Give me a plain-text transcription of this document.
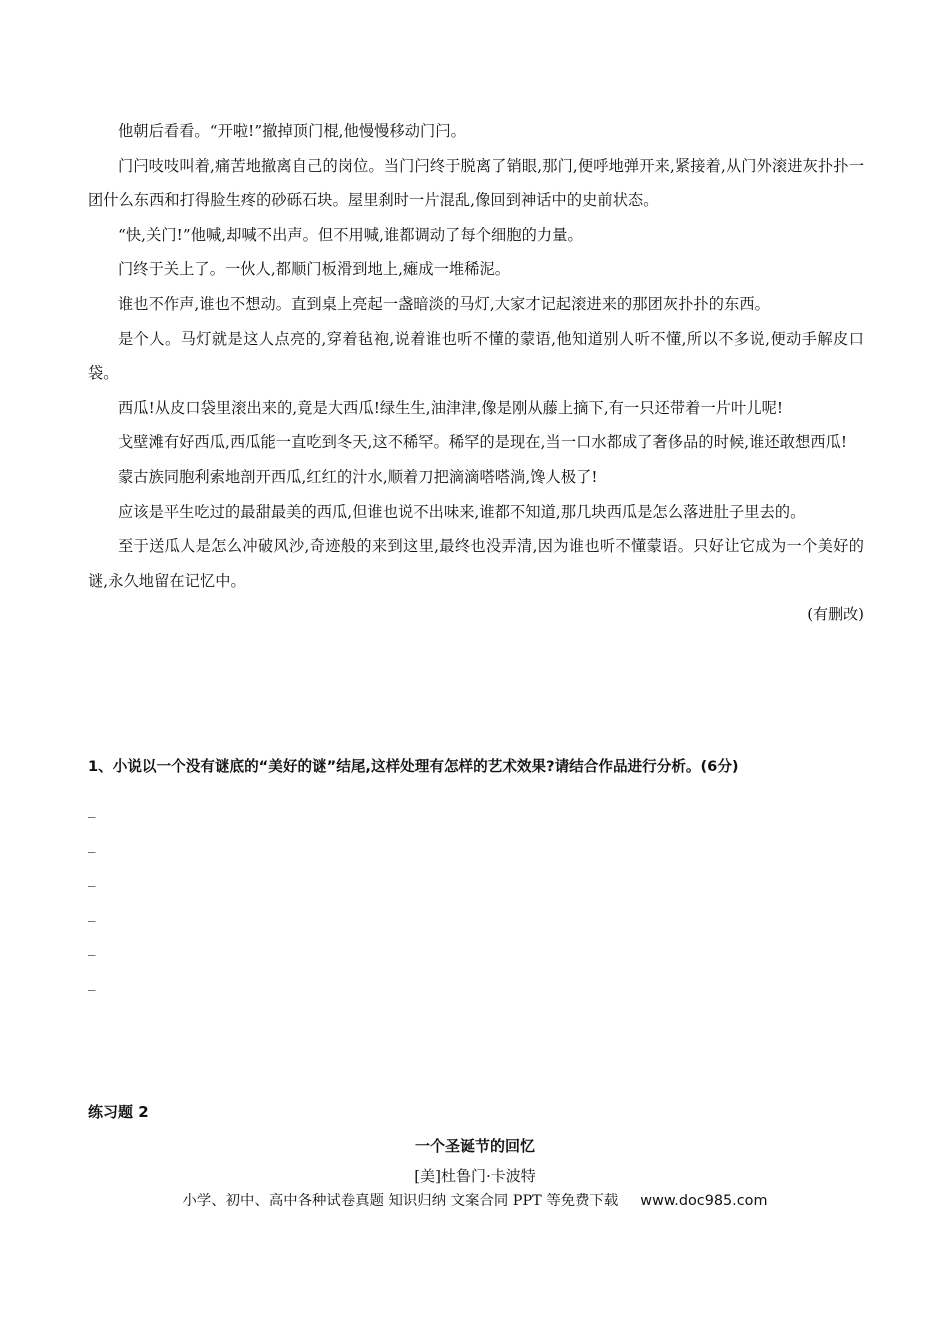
他朝后看看。“开啦!”撤掉顶门棍,他慢慢移动门闩。

门闩吱吱叫着,痛苦地撤离自己的岗位。当门闩终于脱离了销眼,那门,便呼地弹开来,紧接着,从门外滚进灰扑扑一团什么东西和打得脸生疼的砂砾石块。屋里刹时一片混乱,像回到神话中的史前状态。

“快,关门!”他喊,却喊不出声。但不用喊,谁都调动了每个细胞的力量。

门终于关上了。一伙人,都顺门板滑到地上,瘫成一堆稀泥。

谁也不作声,谁也不想动。直到桌上亮起一盏暗淡的马灯,大家才记起滚进来的那团灰扑扑的东西。

是个人。马灯就是这人点亮的,穿着毡袍,说着谁也听不懂的蒙语,他知道别人听不懂,所以不多说,便动手解皮口袋。

西瓜!从皮口袋里滚出来的,竟是大西瓜!绿生生,油津津,像是刚从藤上摘下,有一只还带着一片叶儿呢!

戈壁滩有好西瓜,西瓜能一直吃到冬天,这不稀罕。稀罕的是现在,当一口水都成了奢侈品的时候,谁还敢想西瓜!

蒙古族同胞利索地剖开西瓜,红红的汁水,顺着刀把滴滴嗒嗒淌,馋人极了!

应该是平生吃过的最甜最美的西瓜,但谁也说不出味来,谁都不知道,那几块西瓜是怎么落进肚子里去的。

至于送瓜人是怎么冲破风沙,奇迹般的来到这里,最终也没弄清,因为谁也听不懂蒙语。只好让它成为一个美好的谜,永久地留在记忆中。

(有删改)

1、小说以一个没有谜底的“美好的谜”结尾,这样处理有怎样的艺术效果?请结合作品进行分析。(6分)

_
_
_
_
_
_

练习题 2

一个圣诞节的回忆

[美]杜鲁门·卡波特

小学、初中、高中各种试卷真题 知识归纳 文案合同 PPT 等免费下载 www.doc985.com
